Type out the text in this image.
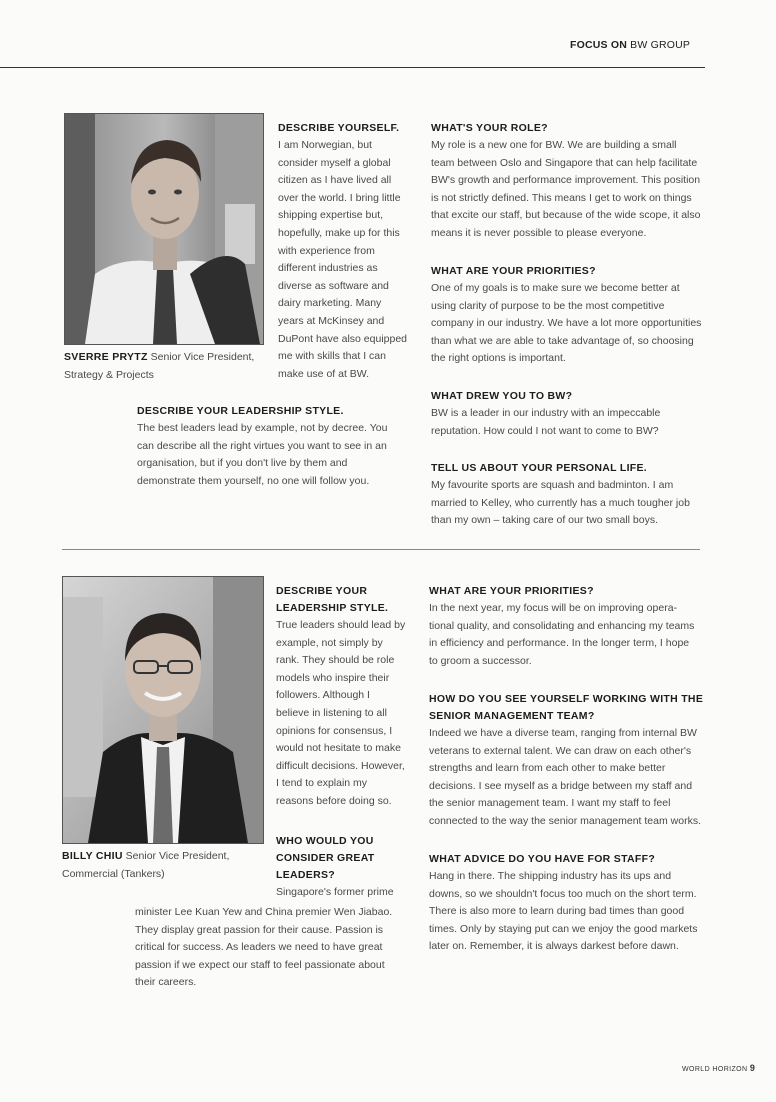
FOCUS ON BW GROUP
SVERRE PRYTZ Senior Vice President,
Strategy & Projects
DESCRIBE YOURSELF.
I am Norwegian, but
consider myself a global
citizen as I have lived all
over the world. I bring little
shipping expertise but,
hopefully, make up for this
with experience from
different industries as
diverse as software and
dairy marketing. Many
years at McKinsey and
DuPont have also equipped
me with skills that I can
make use of at BW.
DESCRIBE YOUR LEADERSHIP STYLE.
The best leaders lead by example, not by decree. You
can describe all the right virtues you want to see in an
organisation, but if you don't live by them and
demonstrate them yourself, no one will follow you.
WHAT'S YOUR ROLE?
My role is a new one for BW. We are building a small
team between Oslo and Singapore that can help facilitate
BW's growth and performance improvement. This position
is not strictly defined. This means I get to work on things
that excite our staff, but because of the wide scope, it also
means it is never possible to please everyone.
WHAT ARE YOUR PRIORITIES?
One of my goals is to make sure we become better at
using clarity of purpose to be the most competitive
company in our industry. We have a lot more opportunities
than what we are able to take advantage of, so choosing
the right options is important.
WHAT DREW YOU TO BW?
BW is a leader in our industry with an impeccable
reputation. How could I not want to come to BW?
TELL US ABOUT YOUR PERSONAL LIFE.
My favourite sports are squash and badminton. I am
married to Kelley, who currently has a much tougher job
than my own – taking care of our two small boys.
BILLY CHIU Senior Vice President,
Commercial (Tankers)
DESCRIBE YOUR
LEADERSHIP STYLE.
True leaders should lead by
example, not simply by
rank. They should be role
models who inspire their
followers. Although I
believe in listening to all
opinions for consensus, I
would not hesitate to make
difficult decisions. However,
I tend to explain my
reasons before doing so.
WHO WOULD YOU
CONSIDER GREAT
LEADERS?
Singapore's former prime
minister Lee Kuan Yew and China premier Wen Jiabao.
They display great passion for their cause. Passion is
critical for success. As leaders we need to have great
passion if we expect our staff to feel passionate about
their careers.
WHAT ARE YOUR PRIORITIES?
In the next year, my focus will be on improving opera-
tional quality, and consolidating and enhancing my teams
in efficiency and performance. In the longer term, I hope
to groom a successor.
HOW DO YOU SEE YOURSELF WORKING WITH THE
SENIOR MANAGEMENT TEAM?
Indeed we have a diverse team, ranging from internal BW
veterans to external talent. We can draw on each other's
strengths and learn from each other to make better
decisions. I see myself as a bridge between my staff and
the senior management team. I want my staff to feel
connected to the way the senior management team works.
WHAT ADVICE DO YOU HAVE FOR STAFF?
Hang in there. The shipping industry has its ups and
downs, so we shouldn't focus too much on the short term.
There is also more to learn during bad times than good
times. Only by staying put can we enjoy the good markets
later on. Remember, it is always darkest before dawn.
WORLD HORIZON 9
